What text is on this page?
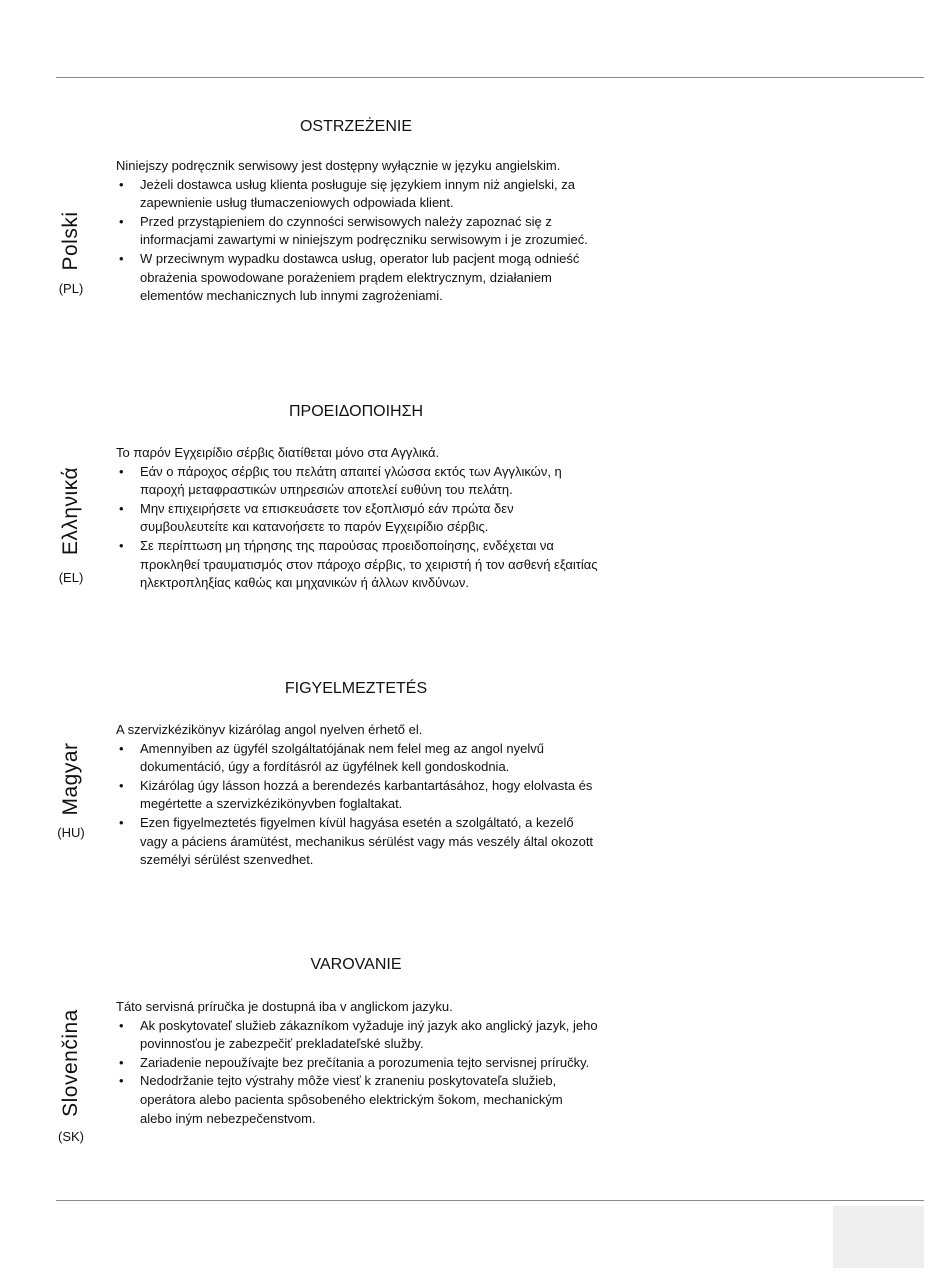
OSTRZEŻENIE
Polski
(PL)

Niniejszy podręcznik serwisowy jest dostępny wyłącznie w języku angielskim.

• Jeżeli dostawca usług klienta posługuje się językiem innym niż angielski, za zapewnienie usług tłumaczeniowych odpowiada klient.
• Przed przystąpieniem do czynności serwisowych należy zapoznać się z informacjami zawartymi w niniejszym podręczniku serwisowym i je zrozumieć.
• W przeciwnym wypadku dostawca usług, operator lub pacjent mogą odnieść obrażenia spowodowane porażeniem prądem elektrycznym, działaniem elementów mechanicznych lub innymi zagrożeniami.
ΠΡΟΕΙΔΟΠΟΙΗΣΗ
Ελληνικά
(EL)

Το παρόν Εγχειρίδιο σέρβις διατίθεται μόνο στα Αγγλικά.

• Εάν ο πάροχος σέρβις του πελάτη απαιτεί γλώσσα εκτός των Αγγλικών, η παροχή μεταφραστικών υπηρεσιών αποτελεί ευθύνη του πελάτη.
• Μην επιχειρήσετε να επισκευάσετε τον εξοπλισμό εάν πρώτα δεν συμβουλευτείτε και κατανοήσετε το παρόν Εγχειρίδιο σέρβις.
• Σε περίπτωση μη τήρησης της παρούσας προειδοποίησης, ενδέχεται να προκληθεί τραυματισμός στον πάροχο σέρβις, το χειριστή ή τον ασθενή εξαιτίας ηλεκτροπληξίας καθώς και μηχανικών ή άλλων κινδύνων.
FIGYELMEZTETÉS
Magyar
(HU)

A szervizkézikönyv kizárólag angol nyelven érhető el.

• Amennyiben az ügyfél szolgáltatójának nem felel meg az angol nyelvű dokumentáció, úgy a fordításról az ügyfélnek kell gondoskodnia.
• Kizárólag úgy lásson hozzá a berendezés karbantartásához, hogy elolvasta és megértette a szervizkézikönyvben foglaltakat.
• Ezen figyelmeztetés figyelmen kívül hagyása esetén a szolgáltató, a kezelő vagy a páciens áramütést, mechanikus sérülést vagy más veszély által okozott személyi sérülést szenvedhet.
VAROVANIE
Slovenčina
(SK)

Táto servisná príručka je dostupná iba v anglickom jazyku.

• Ak poskytovateľ služieb zákazníkom vyžaduje iný jazyk ako anglický jazyk, jeho povinnosťou je zabezpečiť prekladateľské služby.
• Zariadenie nepoužívajte bez prečítania a porozumenia tejto servisnej príručky.
• Nedodržanie tejto výstrahy môže viesť k zraneniu poskytovateľa služieb, operátora alebo pacienta spôsobeného elektrickým šokom, mechanickým alebo iným nebezpečenstvom.
